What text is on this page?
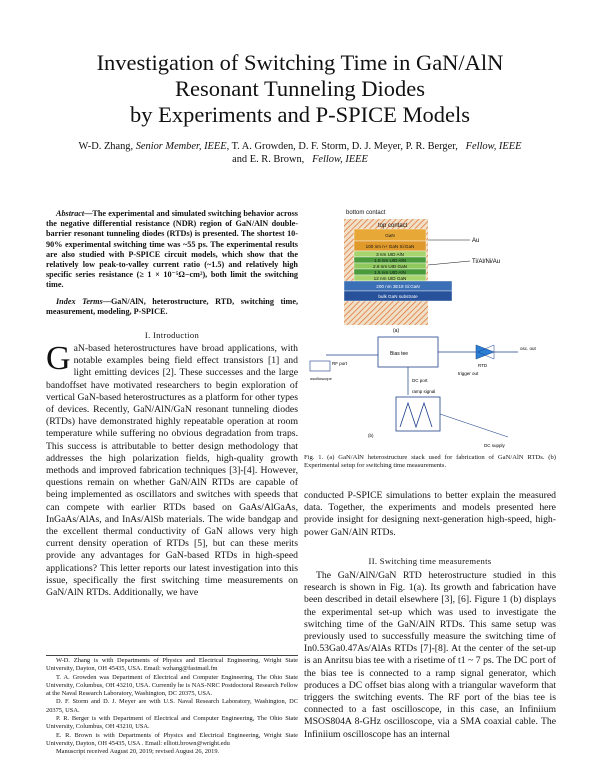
Investigation of Switching Time in GaN/AlN
Resonant Tunneling Diodes
by Experiments and P-SPICE Models
W-D. Zhang, Senior Member, IEEE, T. A. Growden, D. F. Storm, D. J. Meyer, P. R. Berger, Fellow, IEEE
and E. R. Brown, Fellow, IEEE

Abstract—The experimental and simulated switching behavior across the negative differential resistance (NDR) region of GaN/AlN double-barrier resonant tunneling diodes (RTDs) is presented. The shortest 10-90% experimental switching time was ~55 ps. The experimental results are also studied with P-SPICE circuit models, which show that the relatively low peak-to-valley current ratio (~1.5) and relatively high specific series resistance (≥ 1 × 10⁻⁵Ω−cm²), both limit the switching time.

Index Terms—GaN/AlN, heterostructure, RTD, switching time, measurement, modeling, P-SPICE.

I. Introduction
GaN-based heterostructures have broad applications, with notable examples being field effect transistors [1] and light emitting devices [2]. These successes and the large bandoffset have motivated researchers to begin exploration of vertical GaN-based heterostructures as a platform for other types of devices. Recently, GaN/AlN/GaN resonant tunneling diodes (RTDs) have demonstrated highly repeatable operation at room temperature while suffering no obvious degradation from traps. This success is attributable to better design methodology that addresses the high polarization fields, high-quality growth methods and improved fabrication techniques [3]-[4]. However, questions remain on whether GaN/AlN RTDs are capable of being implemented as oscillators and switches with speeds that can compete with earlier RTDs based on GaAs/AlGaAs, InGaAs/AlAs, and InAs/AlSb materials. The wide bandgap and the excellent thermal conductivity of GaN allows very high current density operation of RTDs [5], but can these merits provide any advantages for GaN-based RTDs in high-speed applications? This letter reports our latest investigation into this issue, specifically the first switching time measurements on GaN/AlN RTDs. Additionally, we have

W-D. Zhang is with Departments of Physics and Electrical Engineering, Wright State University, Dayton, OH 45435, USA. Email: wzhang@fastmail.fm

T. A. Growden was Department of Electrical and Computer Engineering, The Ohio State University, Columbus, OH 43210, USA. Currently he is NAS-NRC Postdoctoral Research Fellow at the Naval Research Laboratory, Washington, DC 20375, USA.

D. F. Storm and D. J. Meyer are with U.S. Naval Research Laboratory, Washington, DC 20375, USA.

P. R. Berger is with Department of Electrical and Computer Engineering, The Ohio State University, Columbus, OH 43210, USA.

E. R. Brown is with Departments of Physics and Electrical Engineering, Wright State University, Dayton, OH 45435, USA . Email: elliott.brown@wright.edu

Manuscript received August 20, 2019; revised August 26, 2019.

bottom contact
top contact
GaN
100 nm n+ GaN Si:GaN
3 nm UID AlN
1.5 nm UID AlN
2.6 nm UID GaN
1.5 nm UID AlN
12 nm UID GaN
200 nm 3E19 Si:GaN
bulk GaN substrate
Au
Ti/Al/Ni/Au
(a)
Bias tee
RF port
oscilloscope
RTD
osc. out
DC port
ramp signal
(b)
DC supply
trigger out
Fig. 1. (a) GaN/AlN heterostructure stack used for fabrication of GaN/AlN RTDs. (b) Experimental setup for switching time measurements.
conducted P-SPICE simulations to better explain the measured data. Together, the experiments and models presented here provide insight for designing next-generation high-speed, high-power GaN/AlN RTDs.
II. Switching time measurements

The GaN/AlN/GaN RTD heterostructure studied in this research is shown in Fig. 1(a). Its growth and fabrication have been described in detail elsewhere [3], [6]. Figure 1 (b) displays the experimental set-up which was used to investigate the switching time of the GaN/AlN RTDs. This same setup was previously used to successfully measure the switching time of In0.53Ga0.47As/AlAs RTDs [7]-[8]. At the center of the set-up is an Anritsu bias tee with a risetime of t1 ~ 7 ps. The DC port of the bias tee is connected to a ramp signal generator, which produces a DC offset bias along with a triangular waveform that triggers the switching events. The RF port of the bias tee is connected to a fast oscilloscope, in this case, an Infiniium MSOS804A 8-GHz oscilloscope, via a SMA coaxial cable. The Infiniium oscilloscope has an internal
